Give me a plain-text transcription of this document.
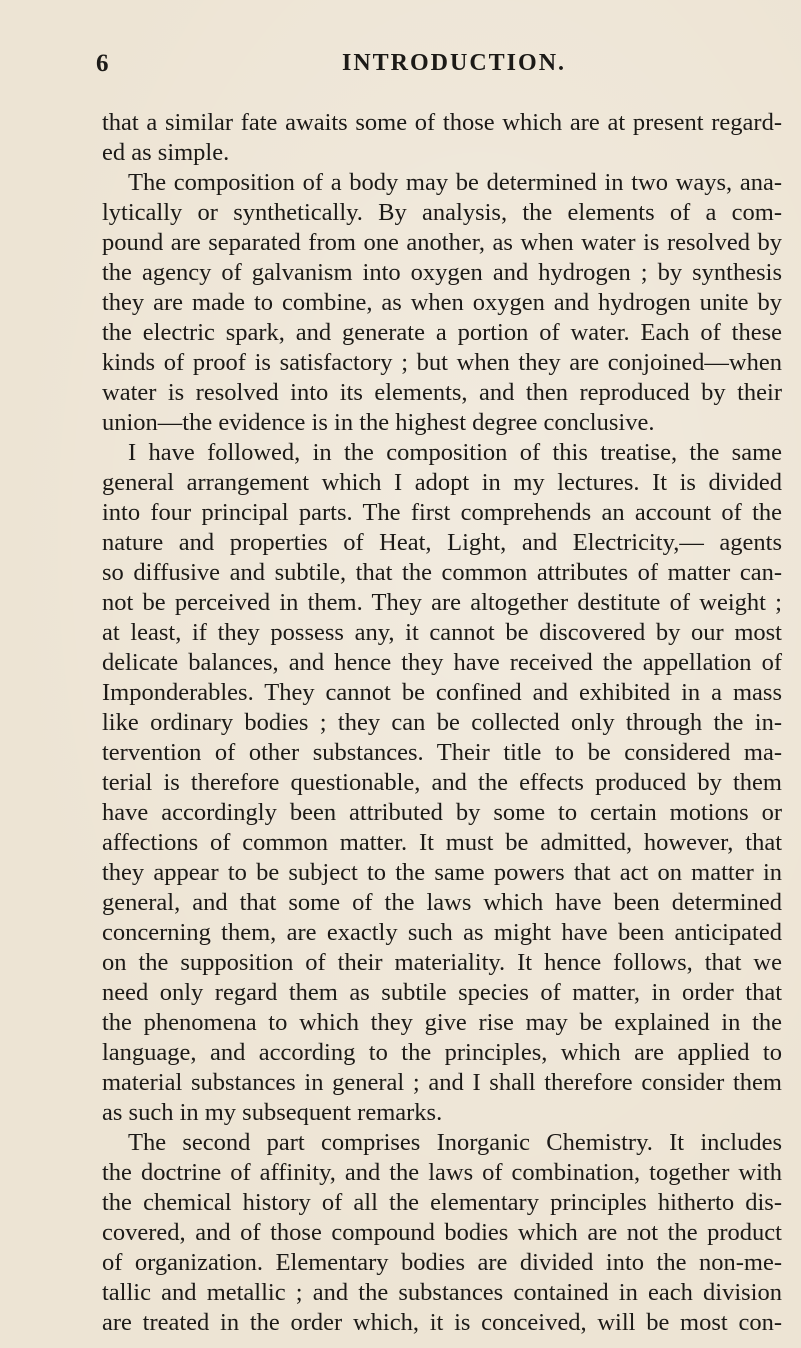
6	INTRODUCTION.
that a similar fate awaits some of those which are at present regard-
ed as simple.
The composition of a body may be determined in two ways, ana-
lytically or synthetically. By analysis, the elements of a com-
pound are separated from one another, as when water is resolved by
the agency of galvanism into oxygen and hydrogen ; by synthesis
they are made to combine, as when oxygen and hydrogen unite by
the electric spark, and generate a portion of water. Each of these
kinds of proof is satisfactory ; but when they are conjoined—when
water is resolved into its elements, and then reproduced by their
union—the evidence is in the highest degree conclusive.
I have followed, in the composition of this treatise, the same
general arrangement which I adopt in my lectures. It is divided
into four principal parts. The first comprehends an account of the
nature and properties of Heat, Light, and Electricity,— agents
so diffusive and subtile, that the common attributes of matter can-
not be perceived in them. They are altogether destitute of weight ;
at least, if they possess any, it cannot be discovered by our most
delicate balances, and hence they have received the appellation of
Imponderables. They cannot be confined and exhibited in a mass
like ordinary bodies ; they can be collected only through the in-
tervention of other substances. Their title to be considered ma-
terial is therefore questionable, and the effects produced by them
have accordingly been attributed by some to certain motions or
affections of common matter. It must be admitted, however, that
they appear to be subject to the same powers that act on matter in
general, and that some of the laws which have been determined
concerning them, are exactly such as might have been anticipated
on the supposition of their materiality. It hence follows, that we
need only regard them as subtile species of matter, in order that
the phenomena to which they give rise may be explained in the
language, and according to the principles, which are applied to
material substances in general ; and I shall therefore consider them
as such in my subsequent remarks.
The second part comprises Inorganic Chemistry. It includes
the doctrine of affinity, and the laws of combination, together with
the chemical history of all the elementary principles hitherto dis-
covered, and of those compound bodies which are not the product
of organization. Elementary bodies are divided into the non-me-
tallic and metallic ; and the substances contained in each division
are treated in the order which, it is conceived, will be most con-
